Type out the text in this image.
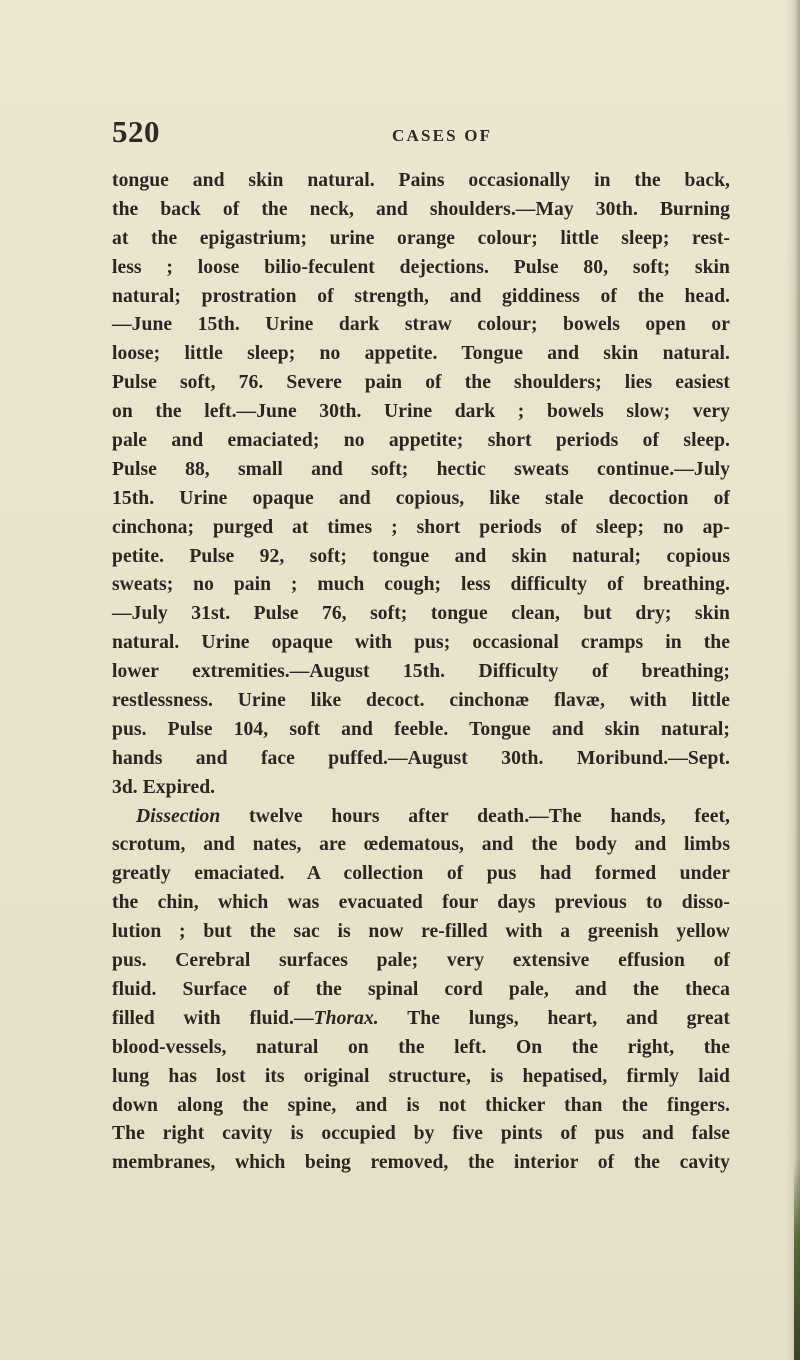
520	CASES OF
tongue and skin natural. Pains occasionally in the back,
the back of the neck, and shoulders.—May 30th. Burning
at the epigastrium; urine orange colour; little sleep; rest-
less ; loose bilio-feculent dejections. Pulse 80, soft; skin
natural; prostration of strength, and giddiness of the head.
—June 15th. Urine dark straw colour; bowels open or
loose; little sleep; no appetite. Tongue and skin natural.
Pulse soft, 76. Severe pain of the shoulders; lies easiest
on the left.—June 30th. Urine dark ; bowels slow; very
pale and emaciated; no appetite; short periods of sleep.
Pulse 88, small and soft; hectic sweats continue.—July
15th. Urine opaque and copious, like stale decoction of
cinchona; purged at times ; short periods of sleep; no ap-
petite. Pulse 92, soft; tongue and skin natural; copious
sweats; no pain ; much cough; less difficulty of breathing.
—July 31st. Pulse 76, soft; tongue clean, but dry; skin
natural. Urine opaque with pus; occasional cramps in the
lower extremities.—August 15th. Difficulty of breathing;
restlessness. Urine like decoct. cinchonæ flavæ, with little
pus. Pulse 104, soft and feeble. Tongue and skin natural;
hands and face puffed.—August 30th. Moribund.—Sept.
3d. Expired.
Dissection twelve hours after death.—The hands, feet,
scrotum, and nates, are œdematous, and the body and limbs
greatly emaciated. A collection of pus had formed under
the chin, which was evacuated four days previous to disso-
lution ; but the sac is now re-filled with a greenish yellow
pus. Cerebral surfaces pale; very extensive effusion of
fluid. Surface of the spinal cord pale, and the theca
filled with fluid.—Thorax. The lungs, heart, and great
blood-vessels, natural on the left. On the right, the
lung has lost its original structure, is hepatised, firmly laid
down along the spine, and is not thicker than the fingers.
The right cavity is occupied by five pints of pus and false
membranes, which being removed, the interior of the cavity
